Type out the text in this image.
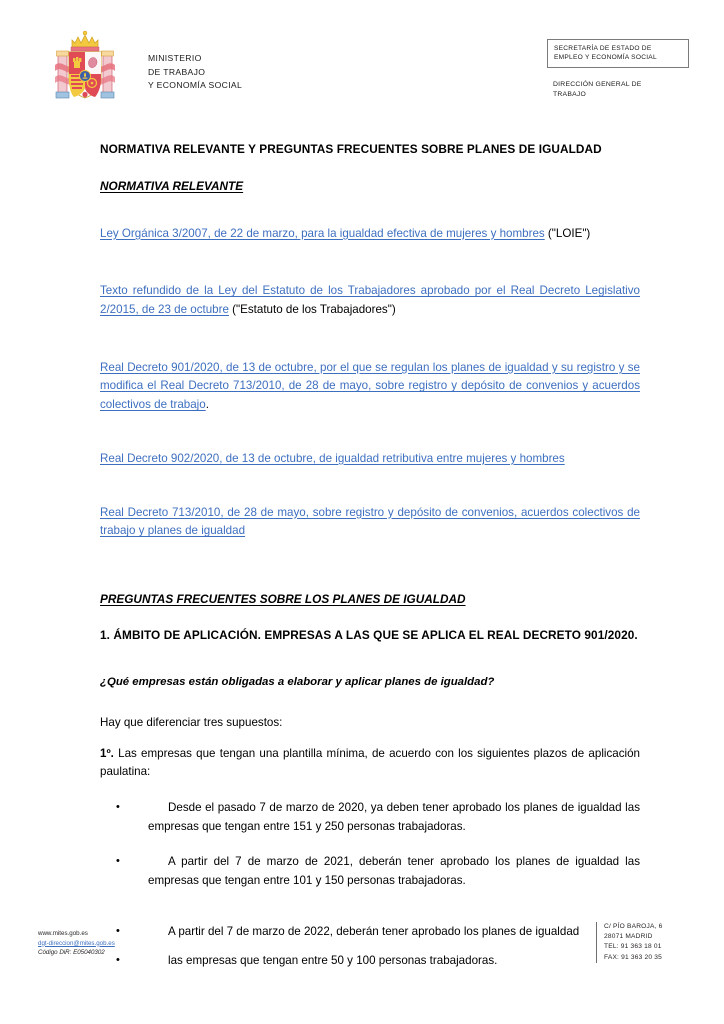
MINISTERIO
DE TRABAJO
Y ECONOMÍA SOCIAL
SECRETARÍA DE ESTADO DE
EMPLEO Y ECONOMÍA SOCIAL
DIRECCIÓN GENERAL DE
TRABAJO
NORMATIVA RELEVANTE Y PREGUNTAS FRECUENTES SOBRE PLANES DE IGUALDAD
NORMATIVA RELEVANTE

Ley Orgánica 3/2007, de 22 de marzo, para la igualdad efectiva de mujeres y hombres ("LOIE")

Texto refundido de la Ley del Estatuto de los Trabajadores aprobado por el Real Decreto Legislativo 2/2015, de 23 de octubre ("Estatuto de los Trabajadores")

Real Decreto 901/2020, de 13 de octubre, por el que se regulan los planes de igualdad y su registro y se modifica el Real Decreto 713/2010, de 28 de mayo, sobre registro y depósito de convenios y acuerdos colectivos de trabajo.

Real Decreto 902/2020, de 13 de octubre, de igualdad retributiva entre mujeres y hombres

Real Decreto 713/2010, de 28 de mayo, sobre registro y depósito de convenios, acuerdos colectivos de trabajo y planes de igualdad

PREGUNTAS FRECUENTES SOBRE LOS PLANES DE IGUALDAD
1. ÁMBITO DE APLICACIÓN. EMPRESAS A LAS QUE SE APLICA EL REAL DECRETO 901/2020.

¿Qué empresas están obligadas a elaborar y aplicar planes de igualdad?

Hay que diferenciar tres supuestos:

1º. Las empresas que tengan una plantilla mínima, de acuerdo con los siguientes plazos de aplicación paulatina:

•	Desde el pasado 7 de marzo de 2020, ya deben tener aprobado los planes de igualdad las empresas que tengan entre 151 y 250 personas trabajadoras.
•	A partir del 7 de marzo de 2021, deberán tener aprobado los planes de igualdad las empresas que tengan entre 101 y 150 personas trabajadoras.
•	A partir del 7 de marzo de 2022, deberán tener aprobado los planes de igualdad
•	las empresas que tengan entre 50 y 100 personas trabajadoras.
www.mites.gob.es
dgt-direccion@mites.gob.es
Código DiR: E05040302
C/ PÍO BAROJA, 6
28071 MADRID
TEL: 91 363 18 01
FAX: 91 363 20 35
